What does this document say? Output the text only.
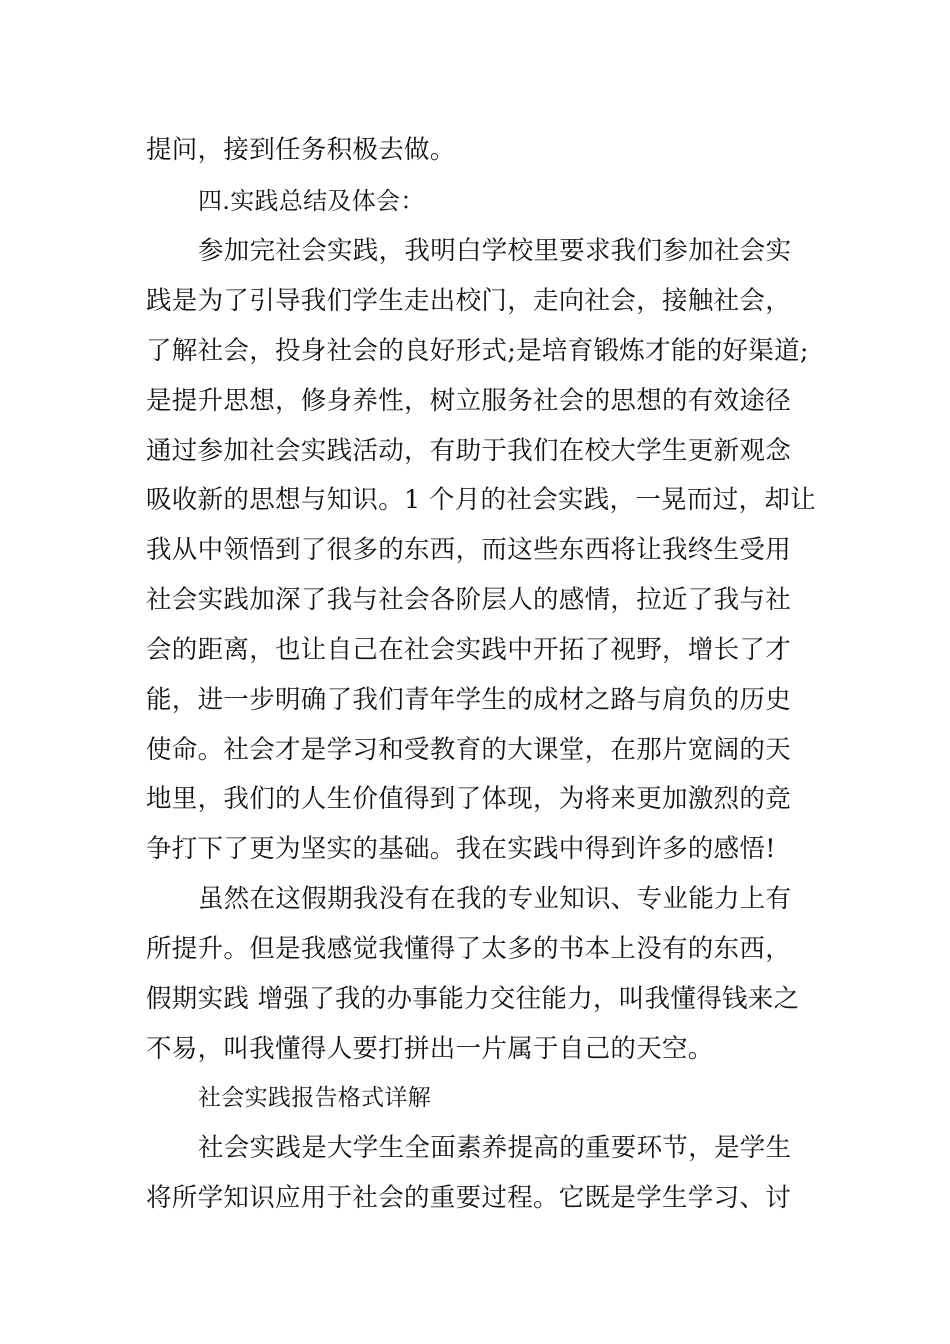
提问，接到任务积极去做。
四.实践总结及体会：
参加完社会实践，我明白学校里要求我们参加社会实
践是为了引导我们学生走出校门，走向社会，接触社会，
了解社会，投身社会的良好形式;是培育锻炼才能的好渠道;
是提升思想，修身养性，树立服务社会的思想的有效途径
通过参加社会实践活动，有助于我们在校大学生更新观念
吸收新的思想与知识。1 个月的社会实践，一晃而过，却让
我从中领悟到了很多的东西，而这些东西将让我终生受用
社会实践加深了我与社会各阶层人的感情，拉近了我与社
会的距离，也让自己在社会实践中开拓了视野，增长了才
能，进一步明确了我们青年学生的成材之路与肩负的历史
使命。社会才是学习和受教育的大课堂，在那片宽阔的天
地里，我们的人生价值得到了体现，为将来更加激烈的竞
争打下了更为坚实的基础。我在实践中得到许多的感悟!
虽然在这假期我没有在我的专业知识、专业能力上有
所提升。但是我感觉我懂得了太多的书本上没有的东西，
假期实践 增强了我的办事能力交往能力，叫我懂得钱来之
不易，叫我懂得人要打拼出一片属于自己的天空。
社会实践报告格式详解
社会实践是大学生全面素养提高的重要环节，是学生
将所学知识应用于社会的重要过程。它既是学生学习、讨
